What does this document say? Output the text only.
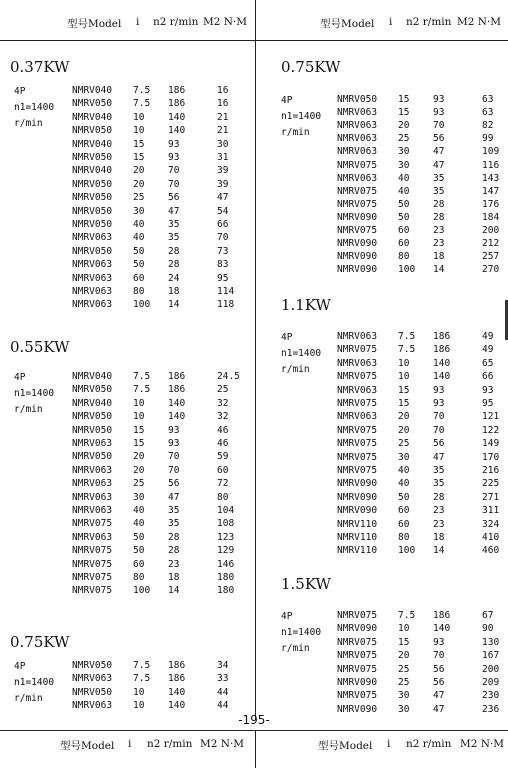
型号Model i n2 r/min M2 N·M	型号Model i n2 r/min M2 N·M
0.37KW
4P
n1=1400
r/min
NMRV040 7.5 186	16
NMRV050 7.5 186	16
NMRV040 10 140	21
NMRV050 10 140	21
NMRV040 15 93	30
NMRV050 15 93	31
NMRV040 20 70	39
NMRV050 20 70	39
NMRV050 25 56	47
NMRV050 30 47	54
NMRV050 40 35	66
NMRV063 40 35	70
NMRV050 50 28	73
NMRV063 50 28	83
NMRV063 60 24	95
NMRV063 80 18	114
NMRV063 100 14	118
0.55KW
4P
n1=1400
r/min
NMRV040 7.5 186	24.5
NMRV050 7.5 186	25
NMRV040 10 140	32
NMRV050 10 140	32
NMRV050 15 93	46
NMRV063 15 93	46
NMRV050 20 70	59
NMRV063 20 70	60
NMRV063 25 56	72
NMRV063 30 47	80
NMRV063 40 35	104
NMRV075 40 35	108
NMRV063 50 28	123
NMRV075 50 28	129
NMRV075 60 23	146
NMRV075 80 18	180
NMRV075 100 14	180
0.75KW
4P
n1=1400
r/min
NMRV050 7.5 186	34
NMRV063 7.5 186	33
NMRV050 10 140	44
NMRV063 10 140	44
0.75KW
4P
n1=1400
r/min
NMRV050 15 93	63
NMRV063 15 93	63
NMRV063 20 70	82
NMRV063 25 56	99
NMRV063 30 47	109
NMRV075 30 47	116
NMRV063 40 35	143
NMRV075 40 35	147
NMRV075 50 28	176
NMRV090 50 28	184
NMRV075 60 23	200
NMRV090 60 23	212
NMRV090 80 18	257
NMRV090 100 14	270
1.1KW
4P
n1=1400
r/min
NMRV063 7.5 186	49
NMRV075 7.5 186	49
NMRV063 10 140	65
NMRV075 10 140	66
NMRV063 15 93	93
NMRV075 15 93	95
NMRV063 20 70	121
NMRV075 20 70	122
NMRV075 25 56	149
NMRV075 30 47	170
NMRV075 40 35	216
NMRV090 40 35	225
NMRV090 50 28	271
NMRV090 60 23	311
NMRV110 60 23	324
NMRV110 80 18	410
NMRV110 100 14	460
1.5KW
4P
n1=1400
r/min
NMRV075 7.5 186	67
NMRV090 10 140	90
NMRV075 15 93	130
NMRV075 20 70	167
NMRV075 25 56	200
NMRV090 25 56	209
NMRV075 30 47	230
NMRV090 30 47	236
-195-
型号Model i n2 r/min M2 N·M	型号Model i n2 r/min M2 N·M
